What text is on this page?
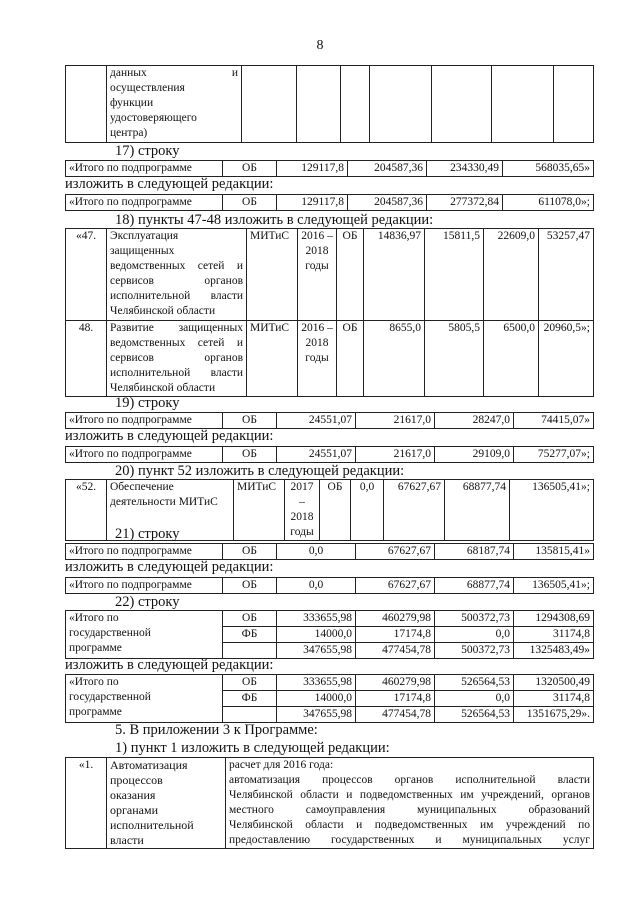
8

данных	и
осуществления
функции
удостоверяющего
центра)

17) строку
«Итого по подпрограмме	ОБ	129117,8	204587,36	234330,49	568035,65»
изложить в следующей редакции:
«Итого по подпрограмме	ОБ	129117,8	204587,36	277372,84	611078,0»;
18) пункты 47-48 изложить в следующей редакции:
«47.	Эксплуатация защищенных ведомственных сетей и сервисов органов исполнительной власти Челябинской области	МИТиС	2016 – 2018 годы	ОБ	14836,97	15811,5	22609,0	53257,47
48.	Развитие защищенных ведомственных сетей и сервисов органов исполнительной власти Челябинской области	МИТиС	2016 – 2018 годы	ОБ	8655,0	5805,5	6500,0	20960,5»;
19) строку
«Итого по подпрограмме	ОБ	24551,07	21617,0	28247,0	74415,07»
изложить в следующей редакции:
«Итого по подпрограмме	ОБ	24551,07	21617,0	29109,0	75277,07»;
20) пункт 52 изложить в следующей редакции:
«52.	Обеспечение деятельности МИТиС	МИТиС	2017 – 2018 годы	ОБ	0,0	67627,67	68877,74	136505,41»;
21) строку
«Итого по подпрограмме	ОБ	0,0	67627,67	68187,74	135815,41»
изложить в следующей редакции:
«Итого по подпрограмме	ОБ	0,0	67627,67	68877,74	136505,41»;
22) строку
«Итого по
государственной
программе	ОБ	333655,98	460279,98	500372,73	1294308,69
	ФБ	14000,0	17174,8	0,0	31174,8
		347655,98	477454,78	500372,73	1325483,49»
изложить в следующей редакции:
«Итого по
государственной
программе	ОБ	333655,98	460279,98	526564,53	1320500,49
	ФБ	14000,0	17174,8	0,0	31174,8
		347655,98	477454,78	526564,53	1351675,29».
5. В приложении 3 к Программе:
1) пункт 1 изложить в следующей редакции:
«1.	Автоматизация
процессов
оказания
органами
исполнительной
власти

расчет для 2016 года:
автоматизация процессов органов исполнительной власти
Челябинской области и подведомственных им учреждений, органов
местного самоуправления муниципальных образований
Челябинской области и подведомственных им учреждений по
предоставлению государственных и муниципальных услуг
